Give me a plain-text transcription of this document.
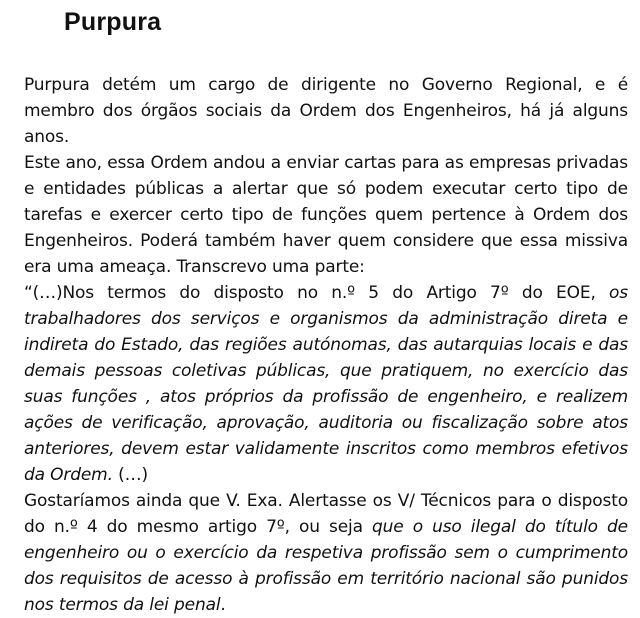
Purpura

Purpura detém um cargo de dirigente no Governo Regional, e é membro dos órgãos sociais da Ordem dos Engenheiros, há já alguns anos.

Este ano, essa Ordem andou a enviar cartas para as empresas privadas e entidades públicas a alertar que só podem executar certo tipo de tarefas e exercer certo tipo de funções quem pertence à Ordem dos Engenheiros. Poderá também haver quem considere que essa missiva era uma ameaça. Transcrevo uma parte:

“(…)Nos termos do disposto no n.º 5 do Artigo 7º do EOE, os trabalhadores dos serviços e organismos da administração direta e indireta do Estado, das regiões autónomas, das autarquias locais e das demais pessoas coletivas públicas, que pratiquem, no exercício das suas funções , atos próprios da profissão de engenheiro, e realizem ações de verificação, aprovação, auditoria ou fiscalização sobre atos anteriores, devem estar validamente inscritos como membros efetivos da Ordem. (…)

Gostaríamos ainda que V. Exa. Alertasse os V/ Técnicos para o disposto do n.º 4 do mesmo artigo 7º, ou seja que o uso ilegal do título de engenheiro ou o exercício da respetiva profissão sem o cumprimento dos requisitos de acesso à profissão em território nacional são punidos nos termos da lei penal.
